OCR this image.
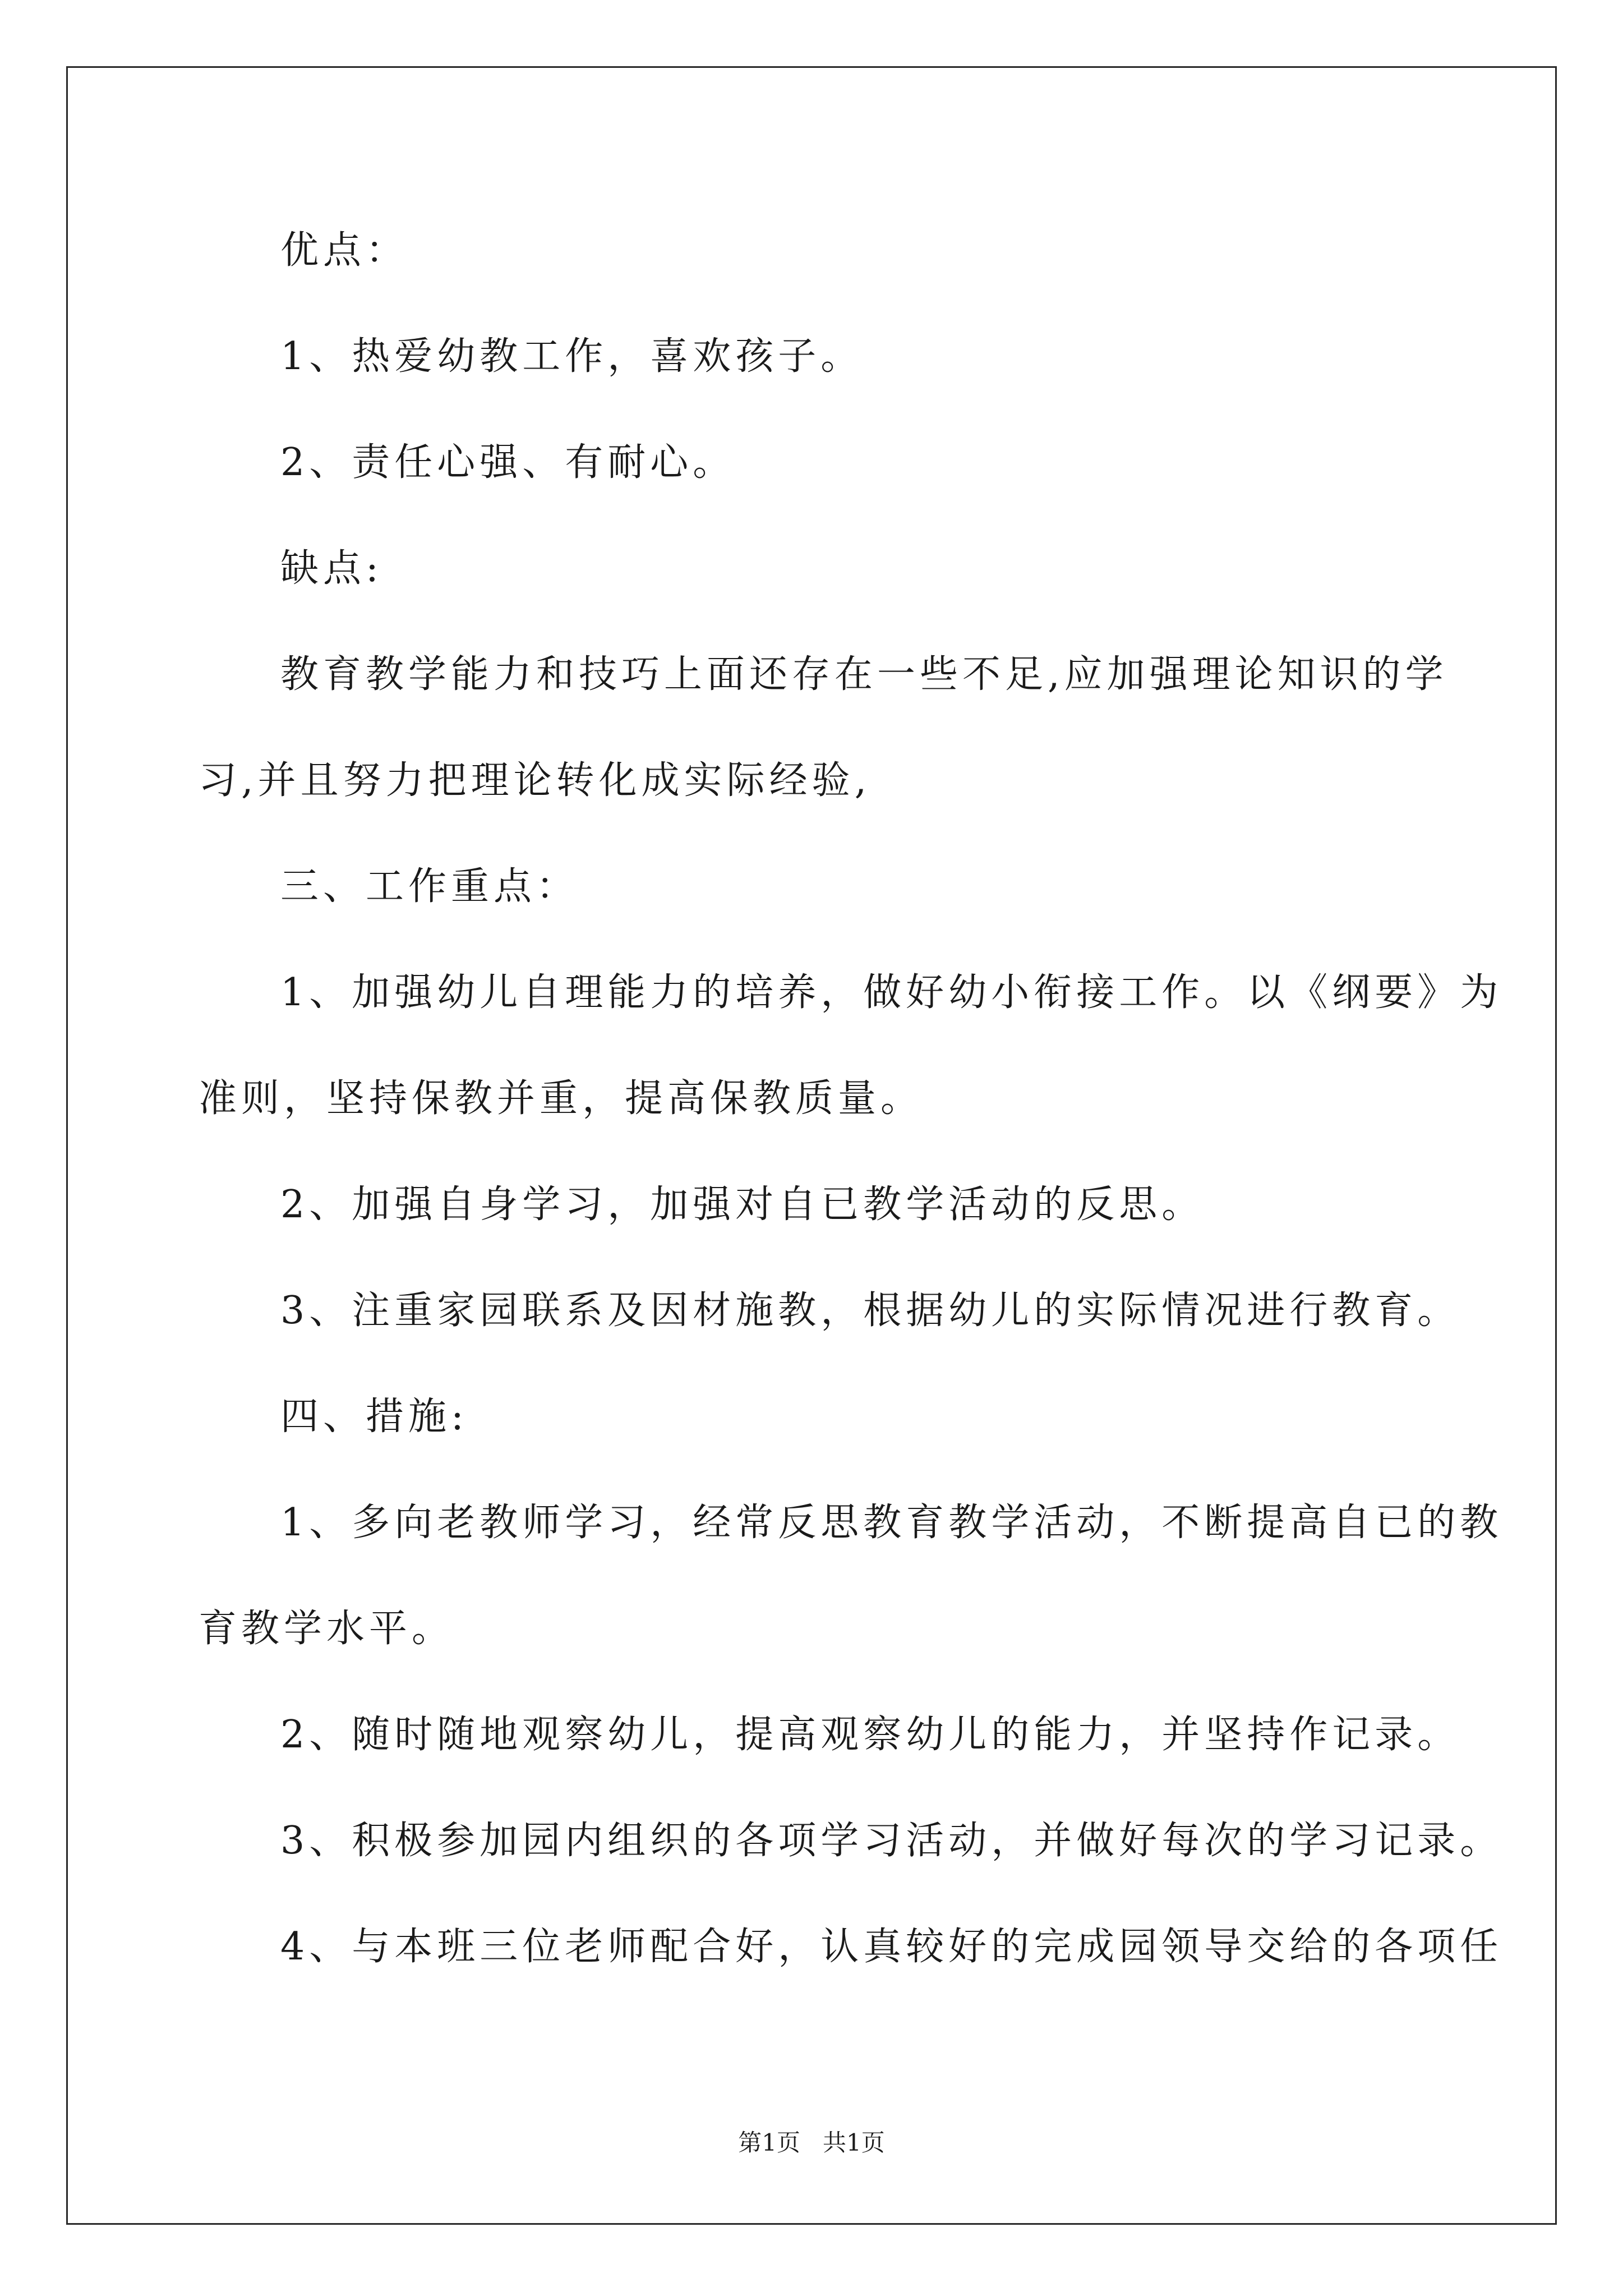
优点：
1、热爱幼教工作，喜欢孩子。
2、责任心强、有耐心。
缺点:
教育教学能力和技巧上面还存在一些不足,应加强理论知识的学
习,并且努力把理论转化成实际经验,
三、工作重点：
1、加强幼儿自理能力的培养，做好幼小衔接工作。以《纲要》为
准则，坚持保教并重，提高保教质量。
2、加强自身学习，加强对自已教学活动的反思。
3、注重家园联系及因材施教，根据幼儿的实际情况进行教育。
四、措施:
1、多向老教师学习，经常反思教育教学活动，不断提高自已的教
育教学水平。
2、随时随地观察幼儿，提高观察幼儿的能力，并坚持作记录。
3、积极参加园内组织的各项学习活动，并做好每次的学习记录。
4、与本班三位老师配合好，认真较好的完成园领导交给的各项任
第1页   共1页
